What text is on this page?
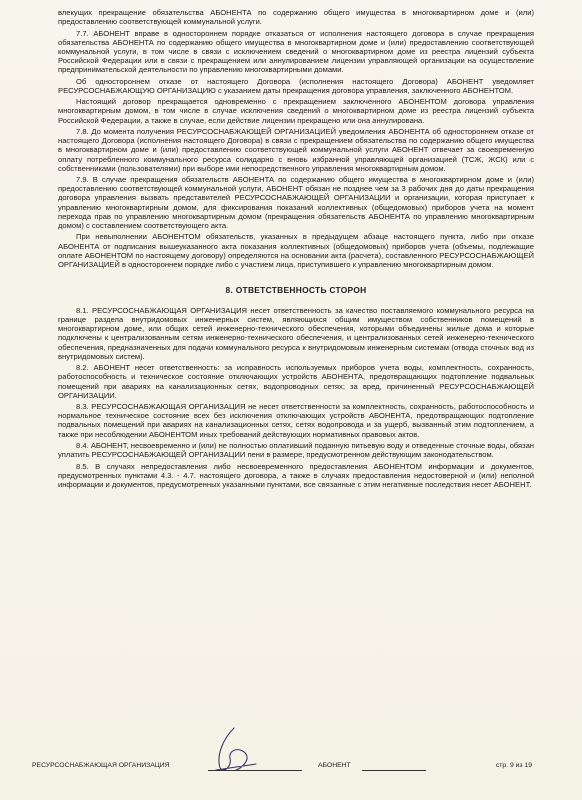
влекущих прекращение обязательства АБОНЕНТА по содержанию общего имущества в многоквартирном доме и (или) предоставлению соответствующей коммунальной услуги.

7.7. АБОНЕНТ вправе в одностороннем порядке отказаться от исполнения настоящего договора в случае прекращения обязательства АБОНЕНТА по содержанию общего имущества в многоквартирном доме и (или) предоставлению соответствующей коммунальной услуги, в том числе в связи с исключением сведений о многоквартирном доме из реестра лицензий субъекта Российской Федерации или в связи с прекращением или аннулированием лицензии управляющей организации на осуществление предпринимательской деятельности по управлению многоквартирными домами.

Об одностороннем отказе от настоящего Договора (исполнения настоящего Договора) АБОНЕНТ уведомляет РЕСУРСОСНАБЖАЮЩУЮ ОРГАНИЗАЦИЮ с указанием даты прекращения договора управления, заключенного АБОНЕНТОМ.

Настоящий договор прекращается одновременно с прекращением заключенного АБОНЕНТОМ договора управления многоквартирным домом, в том числе в случае исключения сведений о многоквартирном доме из реестра лицензий субъекта Российской Федерации, а также в случае, если действие лицензии прекращено или она аннулирована.

7.8. До момента получения РЕСУРСОСНАБЖАЮЩЕЙ ОРГАНИЗАЦИЕЙ уведомления АБОНЕНТА об одностороннем отказе от настоящего Договора (исполнения настоящего Договора) в связи с прекращением обязательства по содержанию общего имущества в многоквартирном доме и (или) предоставлению соответствующей коммунальной услуги АБОНЕНТ отвечает за своевременную оплату потребленного коммунального ресурса солидарно с вновь избранной управляющей организацией (ТСЖ, ЖСК) или с собственниками (пользователями) при выборе ими непосредственного управления многоквартирным домом.

7.9. В случае прекращения обязательств АБОНЕНТА по содержанию общего имущества в многоквартирном доме и (или) предоставлению соответствующей коммунальной услуги, АБОНЕНТ обязан не позднее чем за 3 рабочих дня до даты прекращения договора управления вызвать представителей РЕСУРСОСНАБЖАЮЩЕЙ ОРГАНИЗАЦИИ и организации, которая приступает к управлению многоквартирным домом, для фиксирования показаний коллективных (общедомовых) приборов учета на момент перехода прав по управлению многоквартирным домом (прекращения обязательств АБОНЕНТА по управлению многоквартирным домом) с составлением соответствующего акта.

При невыполнении АБОНЕНТОМ обязательств, указанных в предыдущем абзаце настоящего пункта, либо при отказе АБОНЕНТА от подписания вышеуказанного акта показания коллективных (общедомовых) приборов учета (объемы, подлежащие оплате АБОНЕНТОМ по настоящему договору) определяются на основании акта (расчета), составленного РЕСУРСОСНАБЖАЮЩЕЙ ОРГАНИЗАЦИЕЙ в одностороннем порядке либо с участием лица, приступившего к управлению многоквартирным домом.

8. ОТВЕТСТВЕННОСТЬ СТОРОН

8.1. РЕСУРСОСНАБЖАЮЩАЯ ОРГАНИЗАЦИЯ несет ответственность за качество поставляемого коммунального ресурса на границе раздела внутридомовых инженерных систем, являющихся общим имуществом собственников помещений в многоквартирном доме, или общих сетей инженерно-технического обеспечения, которыми объединены жилые дома и которые подключены к централизованным сетям инженерно-технического обеспечения, и централизованных сетей инженерно-технического обеспечения, предназначенных для подачи коммунального ресурса к внутридомовым инженерным системам (отвода сточных вод из внутридомовых систем).

8.2. АБОНЕНТ несет ответственность: за исправность используемых приборов учета воды, комплектность, сохранность, работоспособность и техническое состояние отключающих устройств АБОНЕНТА, предотвращающих подтопление подвальных помещений при авариях на канализационных сетях, водопроводных сетях; за вред, причиненный РЕСУРСОСНАБЖАЮЩЕЙ ОРГАНИЗАЦИИ.

8.3. РЕСУРСОСНАБЖАЮЩАЯ ОРГАНИЗАЦИЯ не несет ответственности за комплектность, сохранность, работоспособность и нормальное техническое состояние всех без исключения отключающих устройств АБОНЕНТА, предотвращающих подтопление подвальных помещений при авариях на канализационных сетях, сетях водопровода и за ущерб, вызванный этим подтоплением, а также при несоблюдении АБОНЕНТОМ иных требований действующих нормативных правовых актов.

8.4. АБОНЕНТ, несвоевременно и (или) не полностью оплативший поданную питьевую воду и отведенные сточные воды, обязан уплатить РЕСУРСОСНАБЖАЮЩЕЙ ОРГАНИЗАЦИИ пени в размере, предусмотренном действующим законодательством.

8.5. В случаях непредоставления либо несвоевременного предоставления АБОНЕНТОМ информации и документов, предусмотренных пунктами 4.3. - 4.7. настоящего договора, а также в случаях предоставления недостоверной и (или) неполной информации и документов, предусмотренных указанными пунктами, все связанные с этим негативные последствия несет АБОНЕНТ.

РЕСУРСОСНАБЖАЮЩАЯ ОРГАНИЗАЦИЯ	АБОНЕНТ	стр. 9 из 19
